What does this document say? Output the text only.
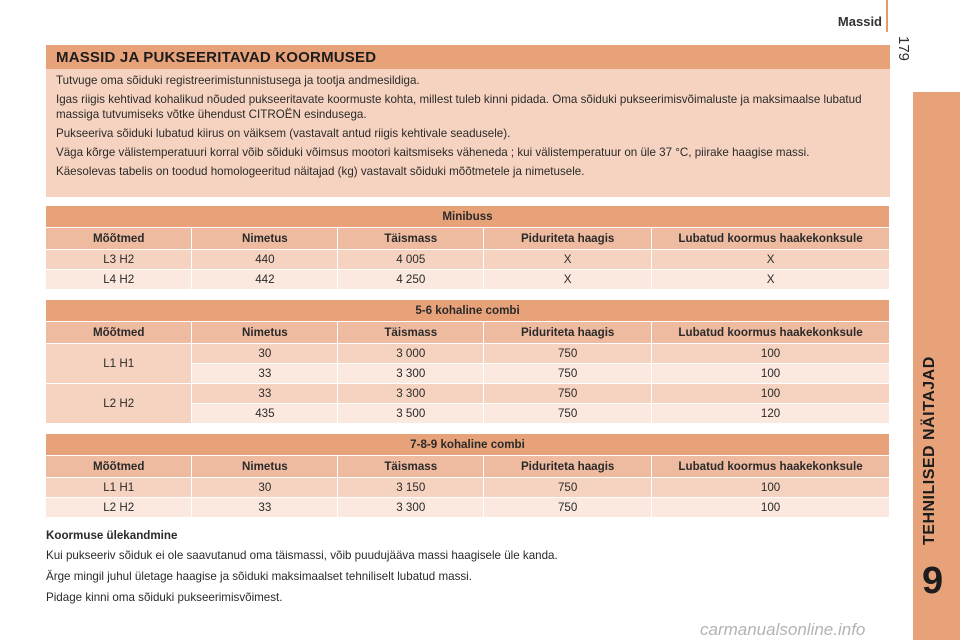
Massid
179
TEHNILISED NÄITAJAD
9
MASSID JA PUKSEERITAVAD KOORMUSED

Tutvuge oma sõiduki registreerimistunnistusega ja tootja andmesildiga.

Igas riigis kehtivad kohalikud nõuded pukseeritavate koormuste kohta, millest tuleb kinni pidada. Oma sõiduki pukseerimisvõimaluste ja maksimaalse lubatud massiga tutvumiseks võtke ühendust CITROËN esindusega.

Pukseeriva sõiduki lubatud kiirus on väiksem (vastavalt antud riigis kehtivale seadusele).

Väga kõrge välistemperatuuri korral võib sõiduki võimsus mootori kaitsmiseks väheneda ; kui välistemperatuur on üle 37 °C, piirake haagise massi.

Käesolevas tabelis on toodud homologeeritud näitajad (kg) vastavalt sõiduki mõõtmetele ja nimetusele.

Minibuss				
Mõõtmed	Nimetus	Täismass	Piduriteta haagis	Lubatud koormus haakekonksule
L3 H2	440	4 005	X	X
L4 H2	442	4 250	X	X
5-6 kohaline combi				
Mõõtmed	Nimetus	Täismass	Piduriteta haagis	Lubatud koormus haakekonksule
L1 H1	30	3 000	750	100
	33	3 300	750	100
L2 H2	33	3 300	750	100
	435	3 500	750	120
7-8-9 kohaline combi				
Mõõtmed	Nimetus	Täismass	Piduriteta haagis	Lubatud koormus haakekonksule
L1 H1	30	3 150	750	100
L2 H2	33	3 300	750	100
Koormuse ülekandmine

Kui pukseeriv sõiduk ei ole saavutanud oma täismassi, võib puudujääva massi haagisele üle kanda.

Ärge mingil juhul ületage haagise ja sõiduki maksimaalset tehniliselt lubatud massi.

Pidage kinni oma sõiduki pukseerimisvõimest.

carmanualsonline.info
